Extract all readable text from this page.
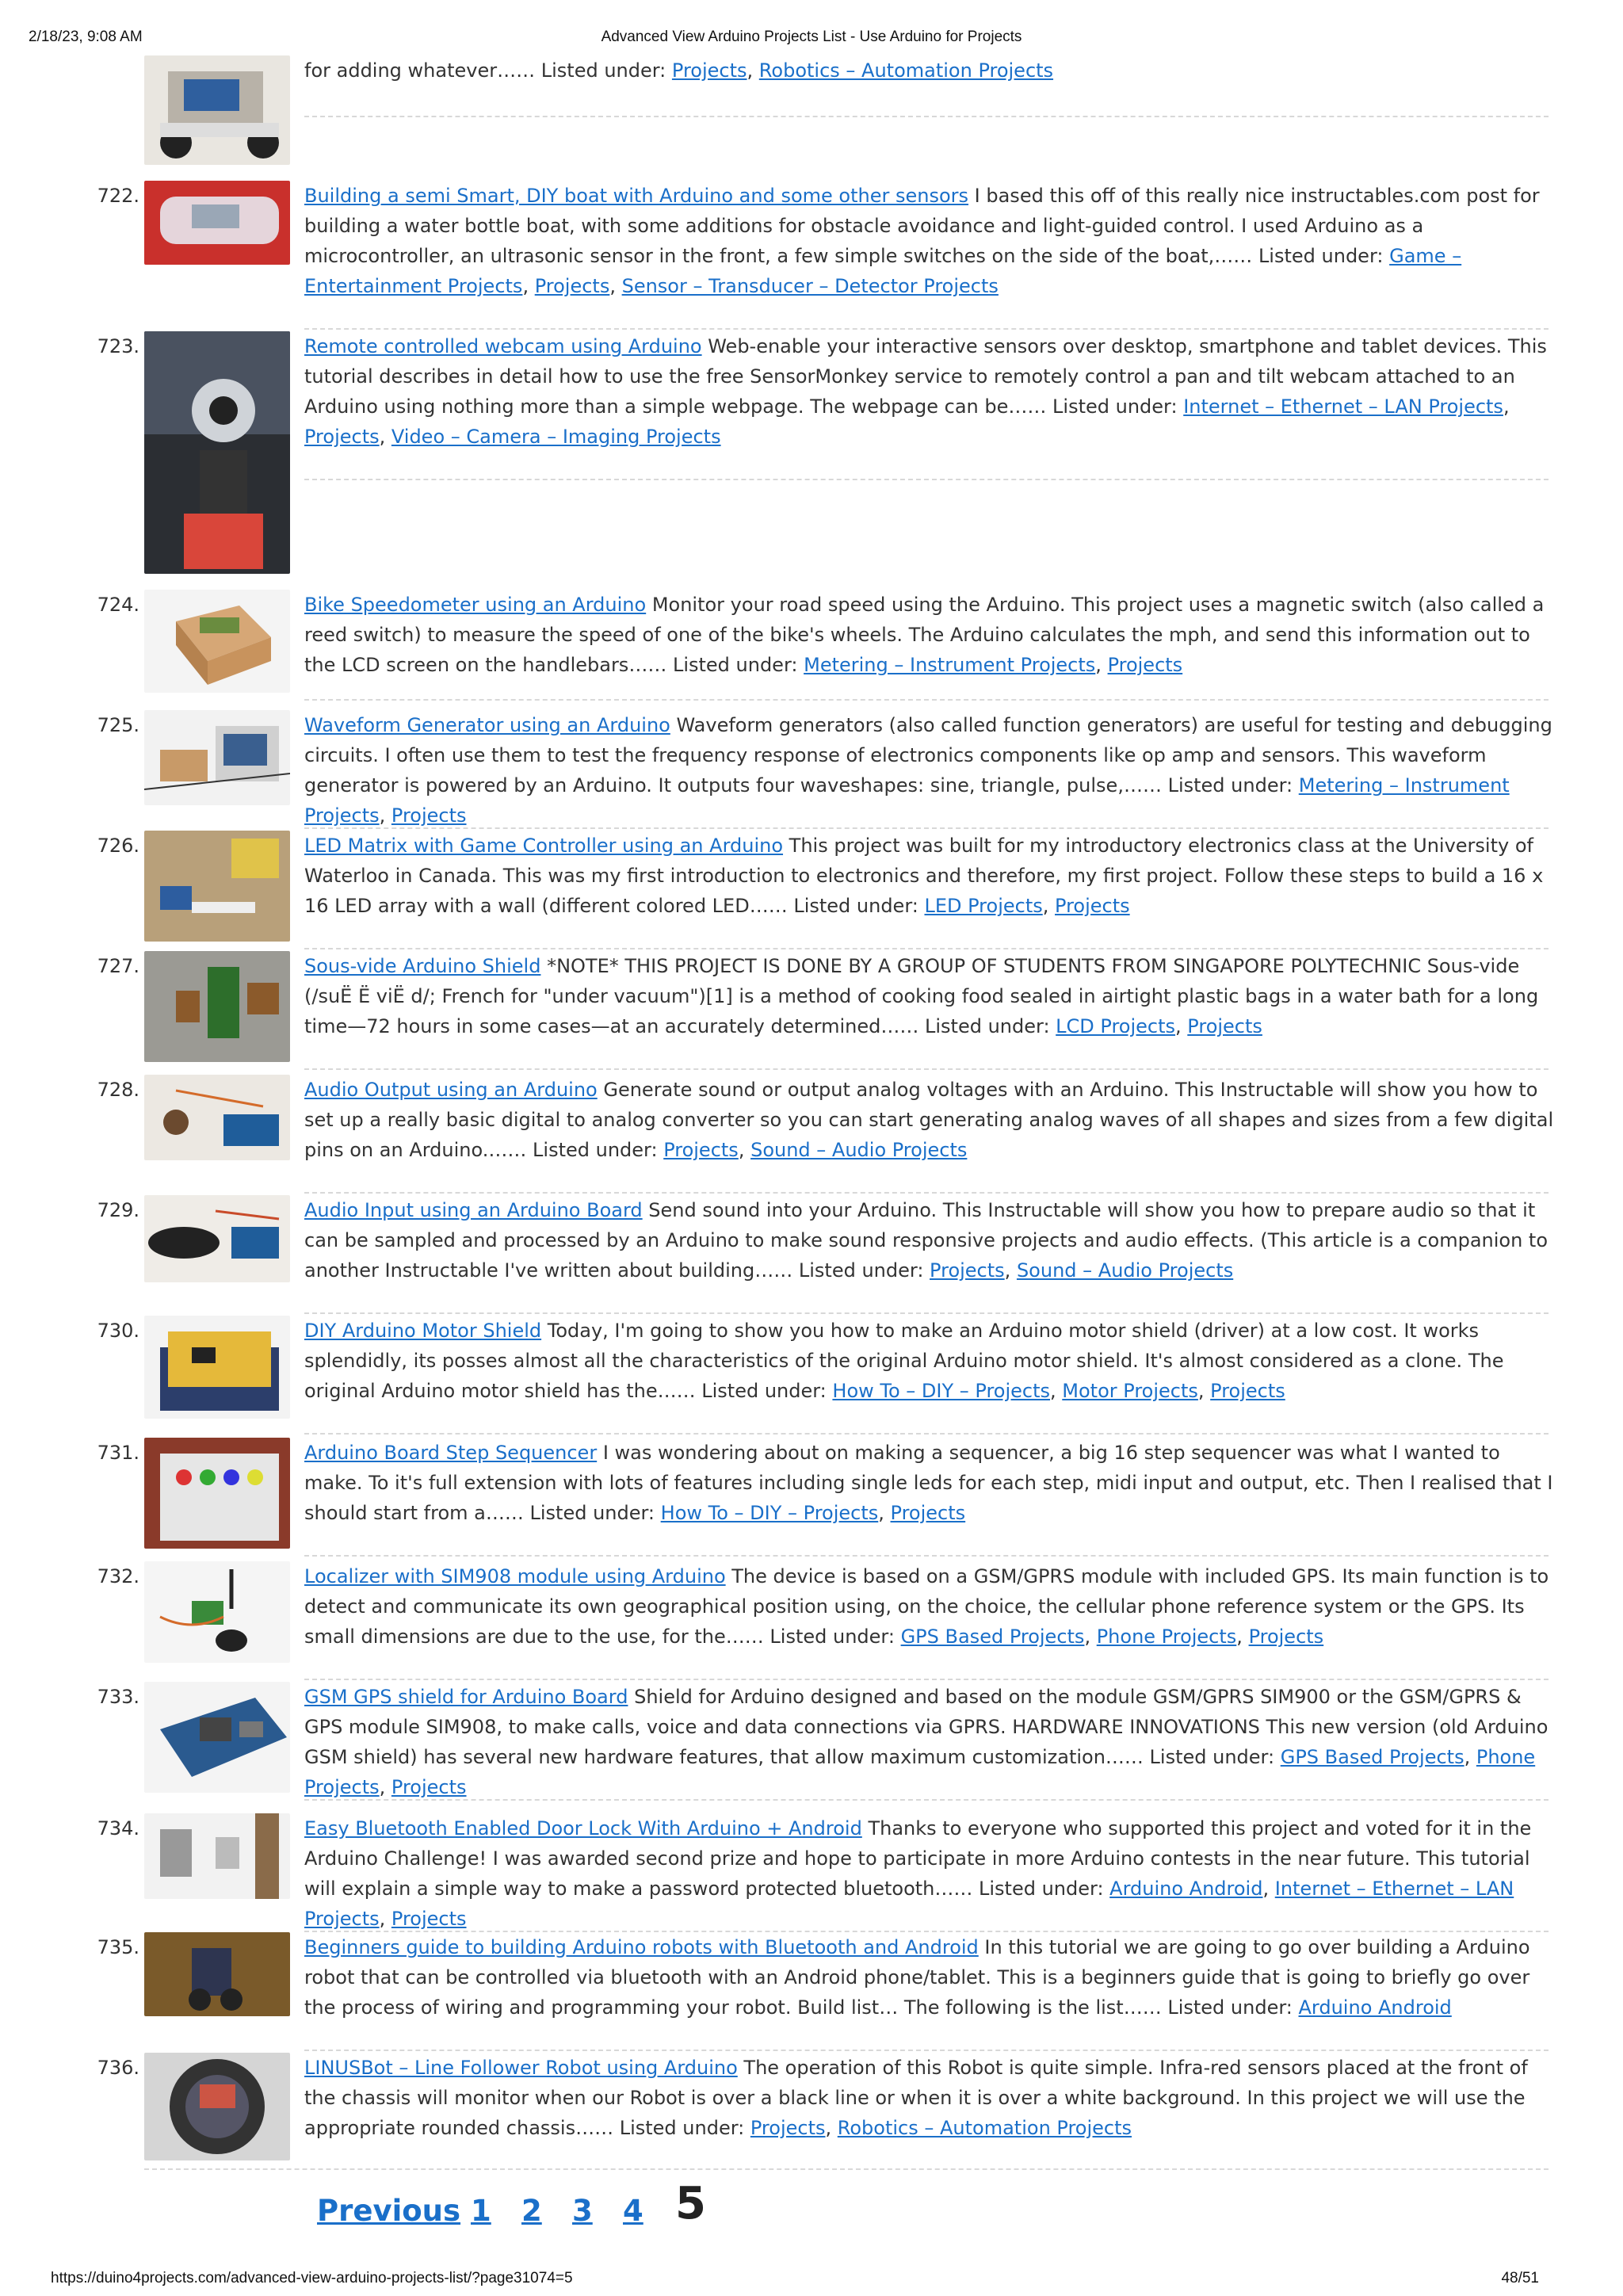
2/18/23, 9:08 AM	Advanced View Arduino Projects List - Use Arduino for Projects
for adding whatever…… Listed under: Projects, Robotics – Automation Projects
722.	Building a semi Smart, DIY boat with Arduino and some other sensors I based this off of this really nice instructables.com post for building a water bottle boat, with some additions for obstacle avoidance and light-guided control. I used Arduino as a microcontroller, an ultrasonic sensor in the front, a few simple switches on the side of the boat,…… Listed under: Game – Entertainment Projects, Projects, Sensor – Transducer – Detector Projects
723.	Remote controlled webcam using Arduino Web-enable your interactive sensors over desktop, smartphone and tablet devices. This tutorial describes in detail how to use the free SensorMonkey service to remotely control a pan and tilt webcam attached to an Arduino using nothing more than a simple webpage. The webpage can be…… Listed under: Internet – Ethernet – LAN Projects, Projects, Video – Camera – Imaging Projects
724.	Bike Speedometer using an Arduino Monitor your road speed using the Arduino. This project uses a magnetic switch (also called a reed switch) to measure the speed of one of the bike's wheels. The Arduino calculates the mph, and send this information out to the LCD screen on the handlebars…… Listed under: Metering – Instrument Projects, Projects
725.	Waveform Generator using an Arduino Waveform generators (also called function generators) are useful for testing and debugging circuits. I often use them to test the frequency response of electronics components like op amp and sensors. This waveform generator is powered by an Arduino. It outputs four waveshapes: sine, triangle, pulse,…… Listed under: Metering – Instrument Projects, Projects
726.	LED Matrix with Game Controller using an Arduino This project was built for my introductory electronics class at the University of Waterloo in Canada. This was my first introduction to electronics and therefore, my first project. Follow these steps to build a 16 x 16 LED array with a wall (different colored LED…… Listed under: LED Projects, Projects
727.	Sous-vide Arduino Shield *NOTE* THIS PROJECT IS DONE BY A GROUP OF STUDENTS FROM SINGAPORE POLYTECHNIC Sous-vide (/suË Ë viË d/; French for "under vacuum")[1] is a method of cooking food sealed in airtight plastic bags in a water bath for a long time—72 hours in some cases—at an accurately determined…… Listed under: LCD Projects, Projects
728.	Audio Output using an Arduino Generate sound or output analog voltages with an Arduino. This Instructable will show you how to set up a really basic digital to analog converter so you can start generating analog waves of all shapes and sizes from a few digital pins on an Arduino.…… Listed under: Projects, Sound – Audio Projects
729.	Audio Input using an Arduino Board Send sound into your Arduino. This Instructable will show you how to prepare audio so that it can be sampled and processed by an Arduino to make sound responsive projects and audio effects. (This article is a companion to another Instructable I've written about building…… Listed under: Projects, Sound – Audio Projects
730.	DIY Arduino Motor Shield Today, I'm going to show you how to make an Arduino motor shield (driver) at a low cost. It works splendidly, its posses almost all the characteristics of the original Arduino motor shield. It's almost considered as a clone. The original Arduino motor shield has the…… Listed under: How To – DIY – Projects, Motor Projects, Projects
731.	Arduino Board Step Sequencer I was wondering about on making a sequencer, a big 16 step sequencer was what I wanted to make. To it's full extension with lots of features including single leds for each step, midi input and output, etc. Then I realised that I should start from a…… Listed under: How To – DIY – Projects, Projects
732.	Localizer with SIM908 module using Arduino The device is based on a GSM/GPRS module with included GPS. Its main function is to detect and communicate its own geographical position using, on the choice, the cellular phone reference system or the GPS. Its small dimensions are due to the use, for the…… Listed under: GPS Based Projects, Phone Projects, Projects
733.	GSM GPS shield for Arduino Board Shield for Arduino designed and based on the module GSM/GPRS SIM900 or the GSM/GPRS & GPS module SIM908, to make calls, voice and data connections via GPRS. HARDWARE INNOVATIONS This new version (old Arduino GSM shield) has several new hardware features, that allow maximum customization…… Listed under: GPS Based Projects, Phone Projects, Projects
734.	Easy Bluetooth Enabled Door Lock With Arduino + Android Thanks to everyone who supported this project and voted for it in the Arduino Challenge! I was awarded second prize and hope to participate in more Arduino contests in the near future. This tutorial will explain a simple way to make a password protected bluetooth…… Listed under: Arduino Android, Internet – Ethernet – LAN Projects, Projects
735.	Beginners guide to building Arduino robots with Bluetooth and Android In this tutorial we are going to go over building a Arduino robot that can be controlled via bluetooth with an Android phone/tablet. This is a beginners guide that is going to briefly go over the process of wiring and programming your robot. Build list… The following is the list…… Listed under: Arduino Android
736.	LINUSBot – Line Follower Robot using Arduino The operation of this Robot is quite simple. Infra-red sensors placed at the front of the chassis will monitor when our Robot is over a black line or when it is over a white background. In this project we will use the appropriate rounded chassis…… Listed under: Projects, Robotics – Automation Projects
Previous 1 2 3 4 5
https://duino4projects.com/advanced-view-arduino-projects-list/?page31074=5	48/51
